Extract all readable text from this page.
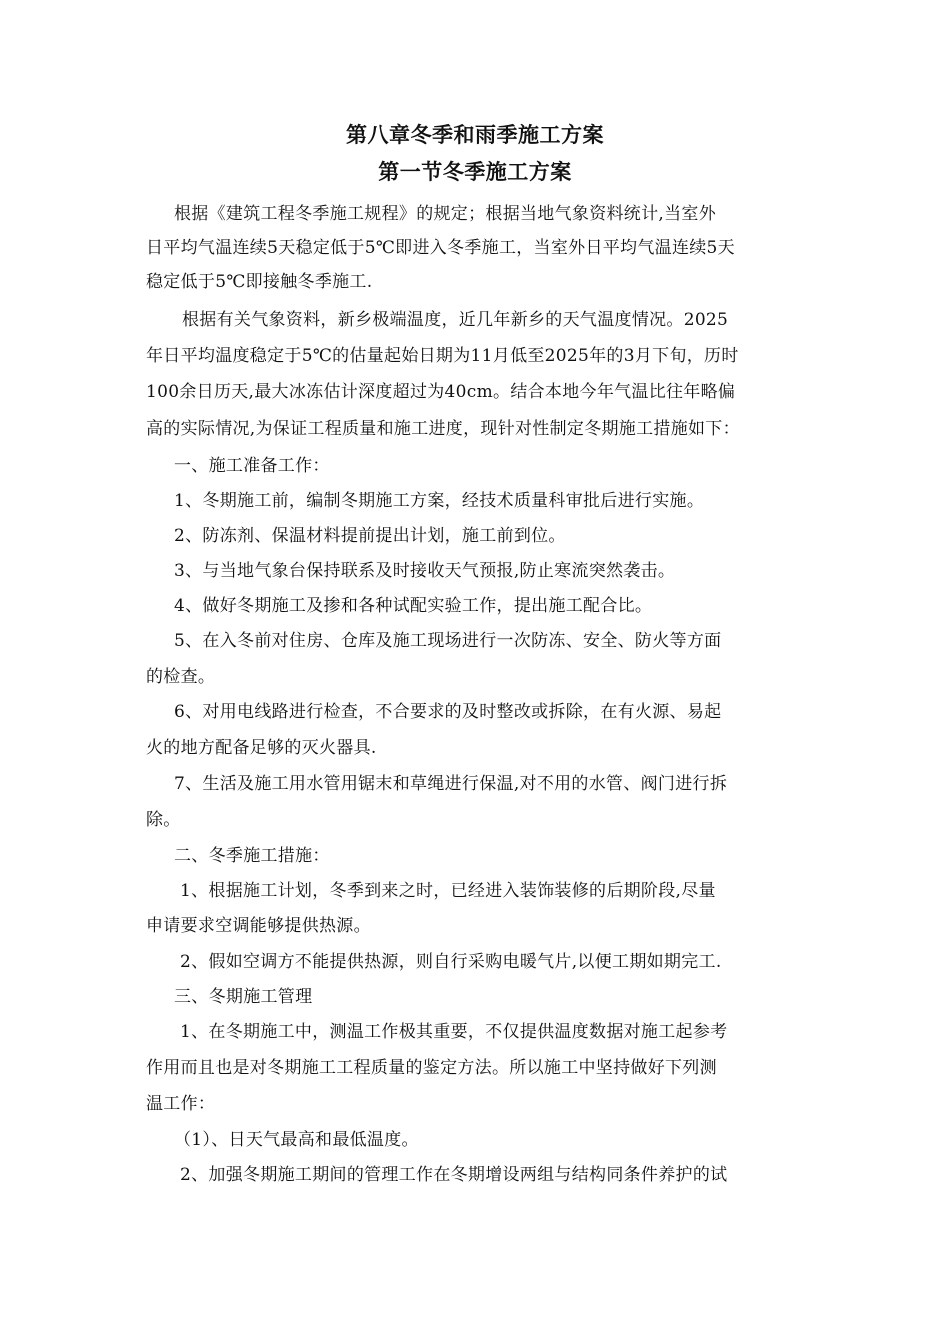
第八章冬季和雨季施工方案
第一节冬季施工方案
根据《建筑工程冬季施工规程》的规定；根据当地气象资料统计,当室外
日平均气温连续5天稳定低于5℃即进入冬季施工，当室外日平均气温连续5天
稳定低于5℃即接触冬季施工.
根据有关气象资料，新乡极端温度，近几年新乡的天气温度情况。2025
年日平均温度稳定于5℃的估量起始日期为11月低至2025年的3月下旬，历时
100余日历天,最大冰冻估计深度超过为40cm。结合本地今年气温比往年略偏
高的实际情况,为保证工程质量和施工进度，现针对性制定冬期施工措施如下：
一、施工准备工作：
1、冬期施工前，编制冬期施工方案，经技术质量科审批后进行实施。
2、防冻剂、保温材料提前提出计划，施工前到位。
3、与当地气象台保持联系及时接收天气预报,防止寒流突然袭击。
4、做好冬期施工及掺和各种试配实验工作，提出施工配合比。
5、在入冬前对住房、仓库及施工现场进行一次防冻、安全、防火等方面
的检查。
6、对用电线路进行检查，不合要求的及时整改或拆除，在有火源、易起
火的地方配备足够的灭火器具.
7、生活及施工用水管用锯末和草绳进行保温,对不用的水管、阀门进行拆
除。
二、冬季施工措施：
1、根据施工计划，冬季到来之时，已经进入装饰装修的后期阶段,尽量
申请要求空调能够提供热源。
2、假如空调方不能提供热源，则自行采购电暖气片,以便工期如期完工.
三、冬期施工管理
1、在冬期施工中，测温工作极其重要，不仅提供温度数据对施工起参考
作用而且也是对冬期施工工程质量的鉴定方法。所以施工中坚持做好下列测
温工作：
（1）、日天气最高和最低温度。
2、加强冬期施工期间的管理工作在冬期增设两组与结构同条件养护的试
